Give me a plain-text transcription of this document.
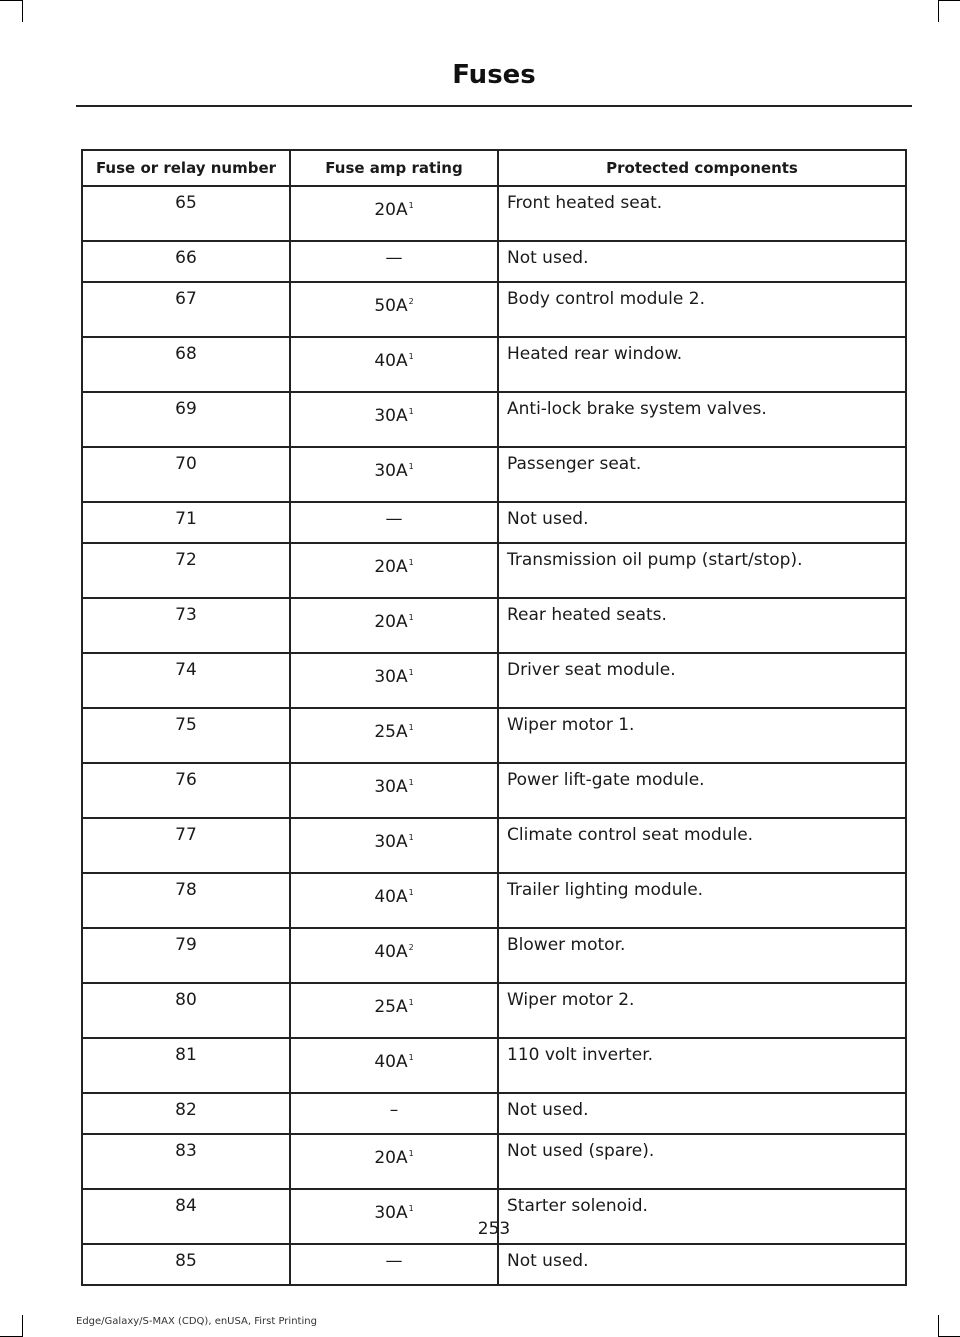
Fuses
Fuse or relay number	Fuse amp rating	Protected components
65	$20A^1$	Front heated seat.
66	—	Not used.
67	$50A^2$	Body control module 2.
68	$40A^1$	Heated rear window.
69	$30A^1$	Anti-lock brake system valves.
70	$30A^1$	Passenger seat.
71	—	Not used.
72	$20A^1$	Transmission oil pump (start/stop).
73	$20A^1$	Rear heated seats.
74	$30A^1$	Driver seat module.
75	$25A^1$	Wiper motor 1.
76	$30A^1$	Power lift-gate module.
77	$30A^1$	Climate control seat module.
78	$40A^1$	Trailer lighting module.
79	$40A^2$	Blower motor.
80	$25A^1$	Wiper motor 2.
81	$40A^1$	110 volt inverter.
82	–	Not used.
83	$20A^1$	Not used (spare).
84	$30A^1$	Starter solenoid.
85	—	Not used.
253
Edge/Galaxy/S-MAX (CDQ), enUSA, First Printing
